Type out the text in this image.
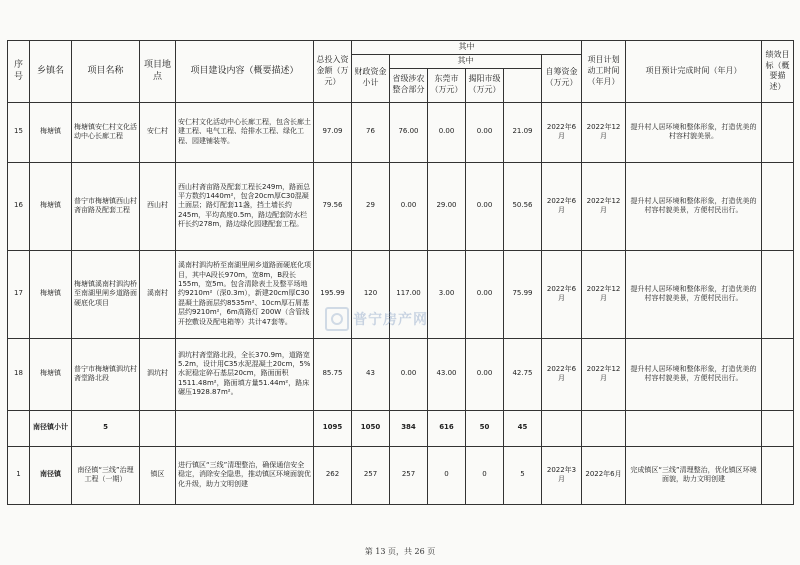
序号	乡镇名	项目名称	项目地点	项目建设内容（概要描述）	总投入资金额（万元）	其中						项目计划动工时间（年月）	项目预计完成时间（年月）	绩效目标（概要描述）	
						财政资金小计	其中				自筹资金（万元）				
							省级涉农整合部分	东莞市（万元）	揭阳市级（万元）					
15	梅塘镇	梅塘镇安仁村文化活动中心长廊工程	安仁村	安仁村文化活动中心长廊工程，包含长廊土建工程、电气工程、给排水工程、绿化工程、园建铺装等。	97.09	76	76.00	0.00	0.00	21.09	2022年6月	2022年12月	提升村人居环境和整体形象，打造优美的村容村貌美景。		
16	梅塘镇	普宁市梅塘镇西山村斋亩路及配套工程	西山村	西山村斋亩路及配套工程长249m，路面总平方数约1440m²，包含20cm厚C30混凝土面层；路灯配套11盏，挡土墙长约245m，平均高度0.5m，路边配套防水栏杆长约278m，路边绿化园建配套工程。	79.56	29	0.00	29.00	0.00	50.56	2022年6月	2022年12月	提升村人居环境和整体形象，打造优美的村容村貌美景，方便村民出行。		
17	梅塘镇	梅塘镇溪南村泗沟桥至南湖里闸乡道路面硬底化项目	溪南村	溪南村泗沟桥至南湖里闸乡道路面硬底化项目，其中A段长970m，宽8m，B段长155m，宽5m。包含清除表土及整平场地约9210m²（深0.3m），新建20cm厚C30混凝土路面层约8535m²、10cm厚石屑基层约9210m²，6m高路灯 200W（含管线开挖敷设及配电箱等）共计47套等。	195.99	120	117.00	3.00	0.00	75.99	2022年6月	2022年12月	提升村人居环境和整体形象，打造优美的村容村貌美景，方便村民出行。		
18	梅塘镇	普宁市梅塘镇泗坑村斋堂路北段	泗坑村	泗坑村斋堂路北段，全长370.9m，道路宽5.2m，设计用C35水泥混凝土20cm，5%水泥稳定碎石基层20cm，路面面积1511.48m²，路面填方量51.44m²，路床碾压1928.87m²。	85.75	43	0.00	43.00	0.00	42.75	2022年6月	2022年12月	提升村人居环境和整体形象，打造优美的村容村貌美景，方便村民出行。		
	南径镇小计	5			1095	1050	384	616	50	45					
1	南径镇	南径镇“三线”治理工程（一期）	镇区	进行镇区“三线”清理整治，确保通信安全稳定，消除安全隐患，推动镇区环境面貌优化升级，助力文明创建	262	257	257	0	0	5	2022年3月	2022年6月	完成镇区“三线”清理整治，优化镇区环境面貌，助力文明创建		
普宁房产网
第 13 页，共 26 页
